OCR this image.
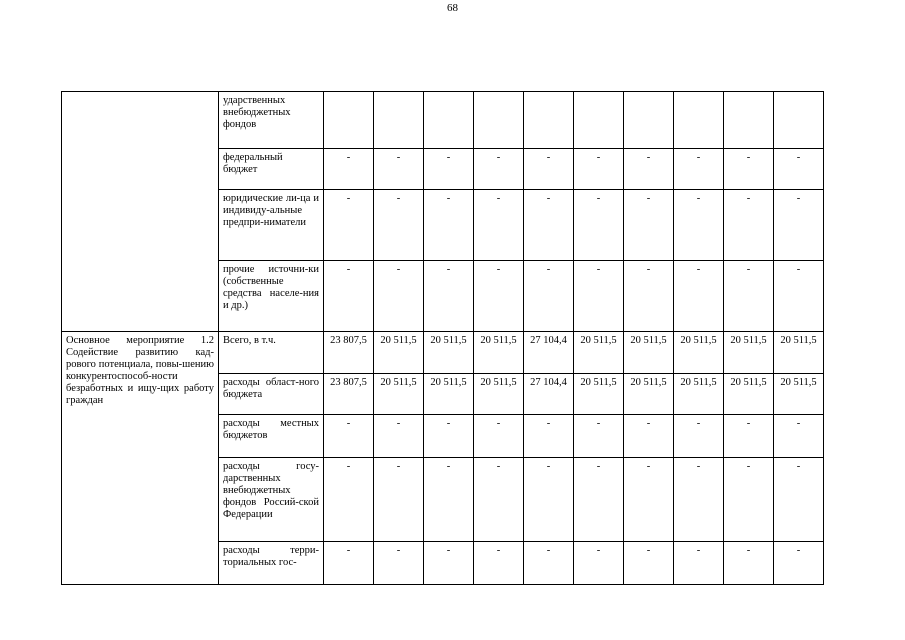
68

	ударственных внебюджетных фондов										

	федеральный бюджет	-	-	-	-	-	-	-	-	-	-

	юридические ли-ца и индивиду-альные предпри-ниматели	-	-	-	-	-	-	-	-	-	-

	прочие источни-ки (собственные средства населе-ния и др.)	-	-	-	-	-	-	-	-	-	-

Основное мероприятие 1.2 Содействие развитию кад-рового потенциала, повы-шению конкурентоспособ-ности безработных и ищу-щих работу граждан	Всего, в т.ч.	23 807,5	20 511,5	20 511,5	20 511,5	27 104,4	20 511,5	20 511,5	20 511,5	20 511,5	20 511,5

	расходы област-ного бюджета	23 807,5	20 511,5	20 511,5	20 511,5	27 104,4	20 511,5	20 511,5	20 511,5	20 511,5	20 511,5

	расходы местных бюджетов	-	-	-	-	-	-	-	-	-	-

	расходы госу-дарственных внебюджетных фондов Россий-ской Федерации	-	-	-	-	-	-	-	-	-	-

	расходы терри-ториальных гос-	-	-	-	-	-	-	-	-	-	-
